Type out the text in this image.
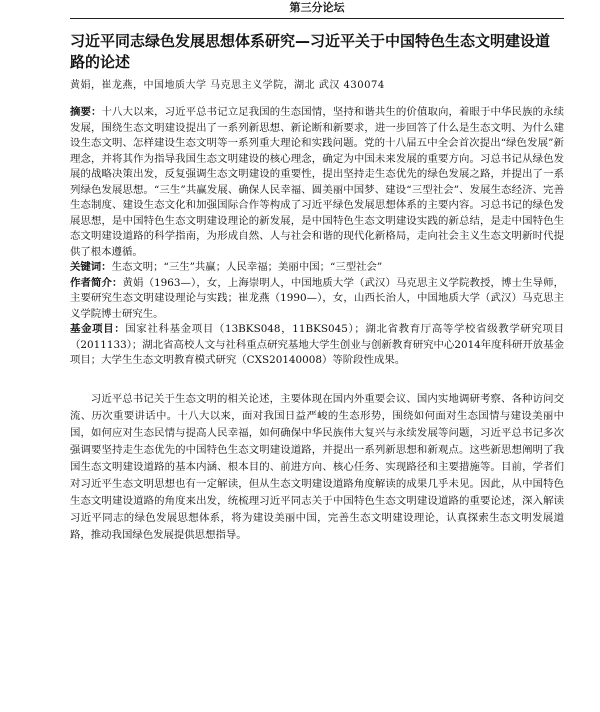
第三分论坛
习近平同志绿色发展思想体系研究—习近平关于中国特色生态文明建设道路的论述
黄娟，崔龙燕，中国地质大学 马克思主义学院，湖北 武汉 430074

摘要：十八大以来，习近平总书记立足我国的生态国情，坚持和谐共生的价值取向，着眼于中华民族的永续发展，围绕生态文明建设提出了一系列新思想、新论断和新要求，进一步回答了什么是生态文明、为什么建设生态文明、怎样建设生态文明等一系列重大理论和实践问题。党的十八届五中全会首次提出“绿色发展”新理念，并将其作为指导我国生态文明建设的核心理念，确定为中国未来发展的重要方向。习总书记从绿色发展的战略决策出发，反复强调生态文明建设的重要性，提出坚持走生态优先的绿色发展之路，并提出了一系列绿色发展思想。“三生”共赢发展、确保人民幸福、圆美丽中国梦、建设“三型社会”、发展生态经济、完善生态制度、建设生态文化和加强国际合作等构成了习近平绿色发展思想体系的主要内容。习总书记的绿色发展思想，是中国特色生态文明建设理论的新发展，是中国特色生态文明建设实践的新总结，是走中国特色生态文明建设道路的科学指南，为形成自然、人与社会和谐的现代化新格局，走向社会主义生态文明新时代提供了根本遵循。

关键词：生态文明；“三生”共赢；人民幸福；美丽中国；“三型社会”

作者简介：黄娟（1963—），女，上海崇明人，中国地质大学（武汉）马克思主义学院教授，博士生导师，主要研究生态文明建设理论与实践；崔龙燕（1990—），女，山西长治人，中国地质大学（武汉）马克思主义学院博士研究生。

基金项目：国家社科基金项目（13BKS048，11BKS045）；湖北省教育厅高等学校省级教学研究项目（2011133）；湖北省高校人文与社科重点研究基地大学生创业与创新教育研究中心2014年度科研开放基金项目；大学生生态文明教育模式研究（CXS20140008）等阶段性成果。

习近平总书记关于生态文明的相关论述，主要体现在国内外重要会议、国内实地调研考察、各种访问交流、历次重要讲话中。十八大以来，面对我国日益严峻的生态形势，围绕如何面对生态国情与建设美丽中国，如何应对生态民情与提高人民幸福，如何确保中华民族伟大复兴与永续发展等问题，习近平总书记多次强调要坚持走生态优先的中国特色生态文明建设道路，并提出一系列新思想和新观点。这些新思想阐明了我国生态文明建设道路的基本内涵、根本目的、前进方向、核心任务、实现路径和主要措施等。目前，学者们对习近平生态文明思想也有一定解读，但从生态文明建设道路角度解读的成果几乎未见。因此，从中国特色生态文明建设道路的角度来出发，统梳理习近平同志关于中国特色生态文明建设道路的重要论述，深入解读习近平同志的绿色发展思想体系，将为建设美丽中国，完善生态文明建设理论，认真探索生态文明发展道路，推动我国绿色发展提供思想指导。
